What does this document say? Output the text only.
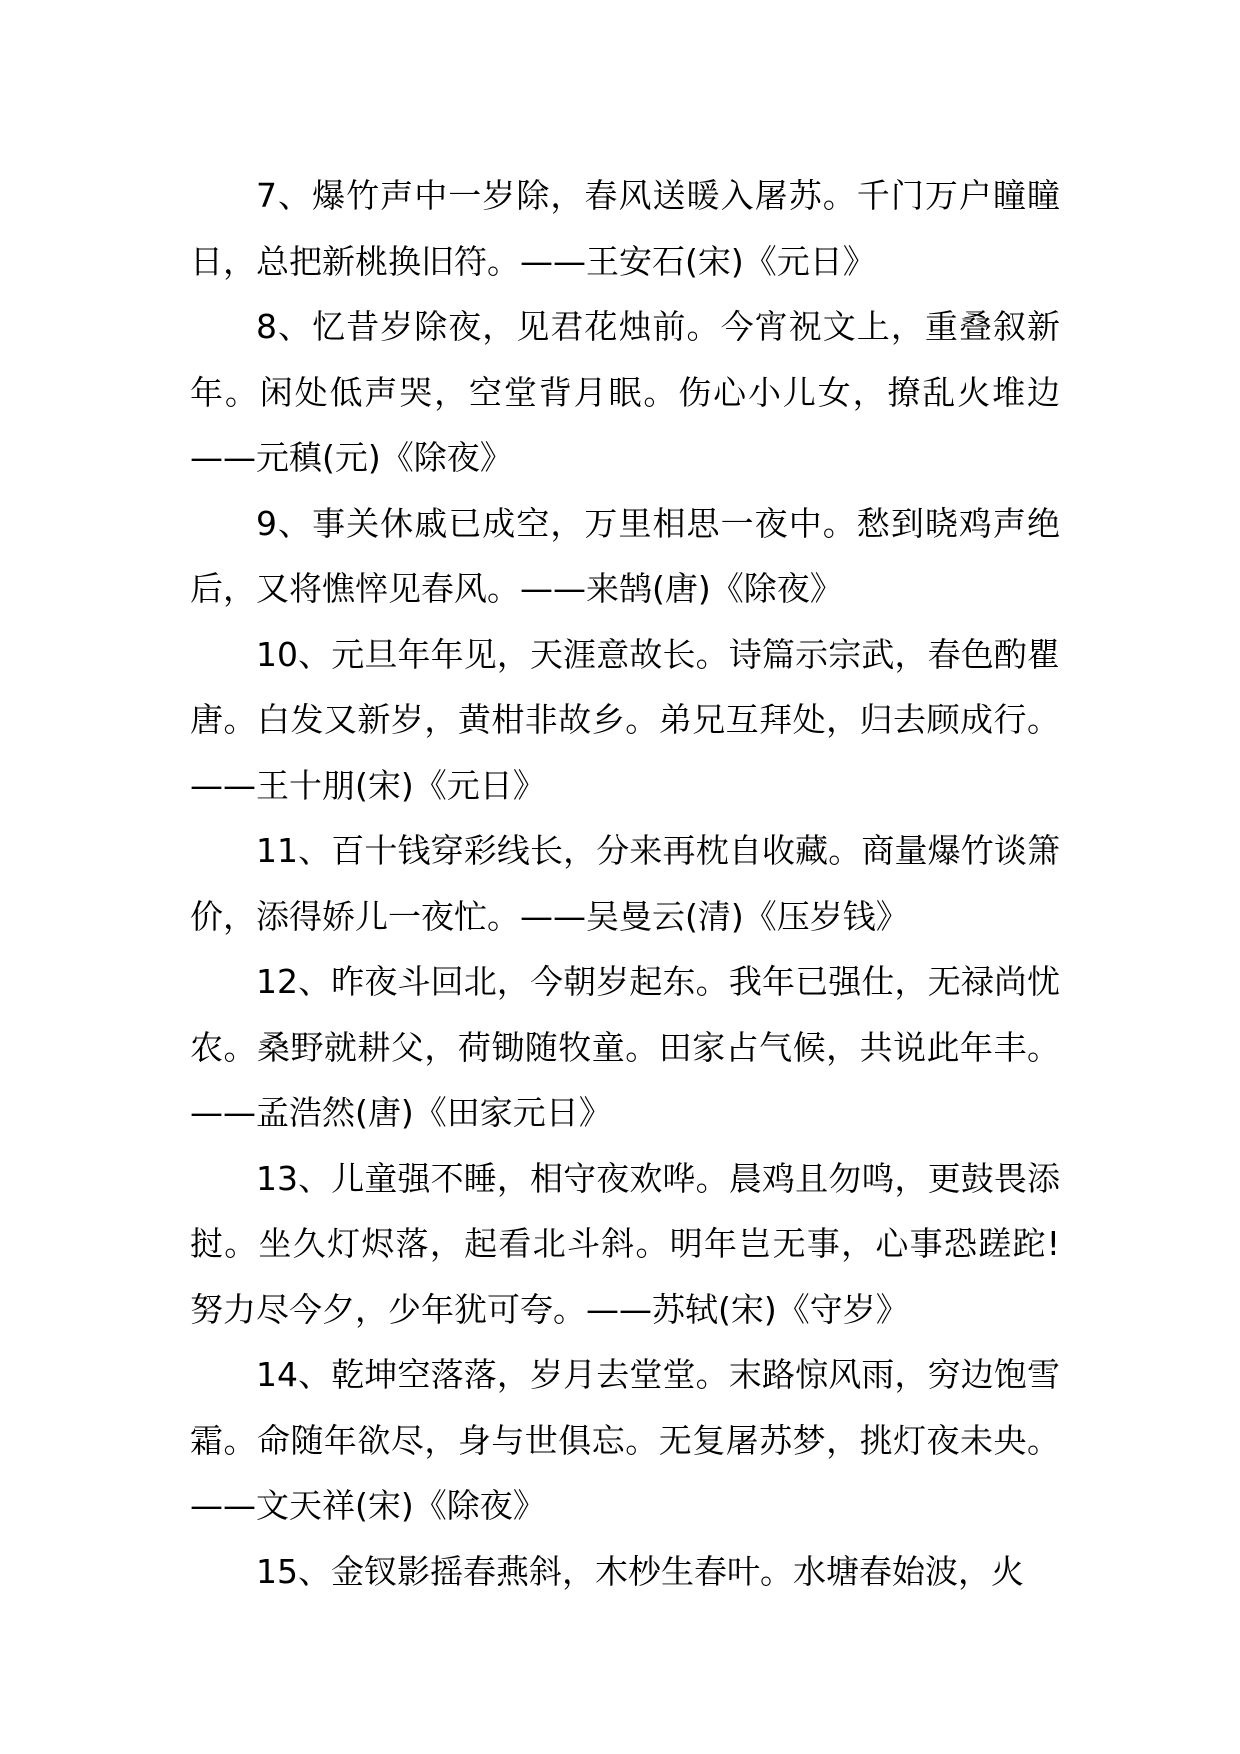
7、爆竹声中一岁除，春风送暖入屠苏。千门万户瞳瞳日，总把新桃换旧符。——王安石(宋)《元日》

8、忆昔岁除夜，见君花烛前。今宵祝文上，重叠叙新年。闲处低声哭，空堂背月眠。伤心小儿女，撩乱火堆边——元稹(元)《除夜》

9、事关休戚已成空，万里相思一夜中。愁到晓鸡声绝后，又将憔悴见春风。——来鹄(唐)《除夜》

10、元旦年年见，天涯意故长。诗篇示宗武，春色酌瞿唐。白发又新岁，黄柑非故乡。弟兄互拜处，归去顾成行。——王十朋(宋)《元日》

11、百十钱穿彩线长，分来再枕自收藏。商量爆竹谈箫价，添得娇儿一夜忙。——吴曼云(清)《压岁钱》

12、昨夜斗回北，今朝岁起东。我年已强仕，无禄尚忧农。桑野就耕父，荷锄随牧童。田家占气候，共说此年丰。——孟浩然(唐)《田家元日》

13、儿童强不睡，相守夜欢哗。晨鸡且勿鸣，更鼓畏添挝。坐久灯烬落，起看北斗斜。明年岂无事，心事恐蹉跎!努力尽今夕，少年犹可夸。——苏轼(宋)《守岁》

14、乾坤空落落，岁月去堂堂。末路惊风雨，穷边饱雪霜。命随年欲尽，身与世俱忘。无复屠苏梦，挑灯夜未央。——文天祥(宋)《除夜》

15、金钗影摇春燕斜，木杪生春叶。水塘春始波，火
